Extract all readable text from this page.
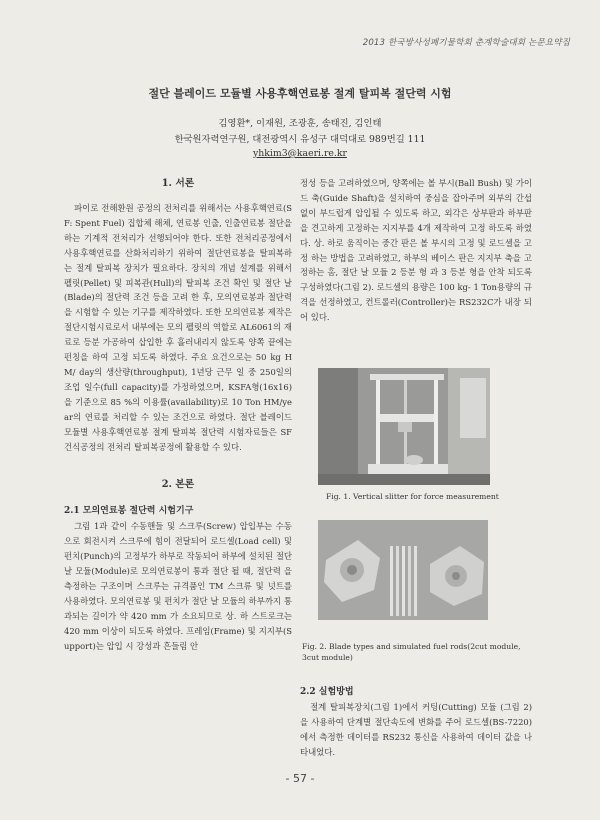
2013 한국방사성폐기물학회 춘계학술대회 논문요약집
절단 블레이드 모듈별 사용후핵연료봉 절계 탈피복 절단력 시험
김영환*, 이재원, 조광훈, 송태진, 김인태
한국원자력연구원, 대전광역시 유성구 대덕대로 989번길 111
yhkim3@kaeri.re.kr
1. 서론

파이로 전해환원 공정의 전처리를 위해서는 사용후핵연료(SF: Spent Fuel) 집합체 해체, 연료봉 인출, 인출연료봉 절단을 하는 기계적 전처리가 선행되어야 한다. 또한 전처리공정에서 사용후핵연료를 산화처리하기 위하여 절단연료봉을 탈피복하는 절계 탈피복 장치가 필요하다. 장치의 개념 설계를 위해서 펠릿(Pellet) 및 피복관(Hull)의 탈피복 조건 확인 및 절단 날(Blade)의 절단력 조건 등을 고려 한 후, 모의연료봉과 절단력을 시험할 수 있는 기구를 제작하였다. 또한 모의연료봉 제작은 절단시험시료로서 내부에는 모의 펠릿의 역할로 AL6061의 재료로 등분 가공하여 삽입한 후 흘러내리지 않도록 양쪽 끝에는 펀칭을 하여 고정 되도록 하였다. 주요 요건으로는 50 kg HM/ day의 생산량(throughput), 1년당 근무 일 중 250일의 조업 일수(full capacity)를 가정하였으며, KSFA형(16x16)을 기준으로 85 %의 이용률(availability)로 10 Ton HM/year의 연료를 처리할 수 있는 조건으로 하였다. 절단 블레이드 모듈별 사용후핵연료봉 절계 탈피복 절단력 시험자료들은 SF 건식공정의 전처리 탈피복공정에 활용할 수 있다.

2. 본론
2.1 모의연료봉 절단력 시험기구

그림 1과 같이 수동핸들 및 스크루(Screw) 압입부는 수동으로 회전시켜 스크루에 힘이 전달되어 로드셀(Load cell) 및 펀치(Punch)의 고정부가 하부로 작동되어 하부에 설치된 절단 날 모듈(Module)로 모의연료봉이 통과 절단 될 때, 절단력 을 측정하는 구조이며 스크루는 규격품인 TM 스크류 및 넛트를 사용하였다. 모의연료봉 및 펀치가 절단 날 모듈의 하부까지 통과되는 길이가 약 420 mm 가 소요되므로 상. 하 스트로크는 420 mm 이상이 되도록 하였다. 프레임(Frame) 및 지지부(Support)는 압입 시 강성과 흔들림 안

정성 등을 고려하였으며, 양쪽에는 볼 부시(Ball Bush) 및 가이드 축(Guide Shaft)을 설치하여 중심을 잡아주며 외부의 간섭 없이 부드럽게 압입될 수 있도록 하고, 외각은 상부판과 하부판을 견고하게 고정하는 지지부를 4개 제작하여 고정 하도록 하였다. 상. 하로 움직이는 중간 판은 볼 부시의 고정 및 로드셀을 고정 하는 방법을 고려하였고, 하부의 베이스 판은 지지부 축을 고정하는 홈, 절단 날 모듈 2 등분 형 과 3 등분 형을 안착 되도록 구성하였다(그림 2). 로드셀의 용량은 100 kg- 1 Ton용량의 규격을 선정하였고, 컨트롤러(Controller)는 RS232C가 내장 되어 있다.

Fig. 1. Vertical slitter for force measurement
Fig. 2. Blade types and simulated fuel rods(2cut module, 3cut module)
2.2 실험방법

절계 탈피복장치(그림 1)에서 커팅(Cutting) 모듈 (그림 2)을 사용하여 단계별 절단속도에 변화를 주어 로드셀(BS-7220)에서 측정한 데이터를 RS232 통신을 사용하여 데이터 값을 나타내었다.

- 57 -
